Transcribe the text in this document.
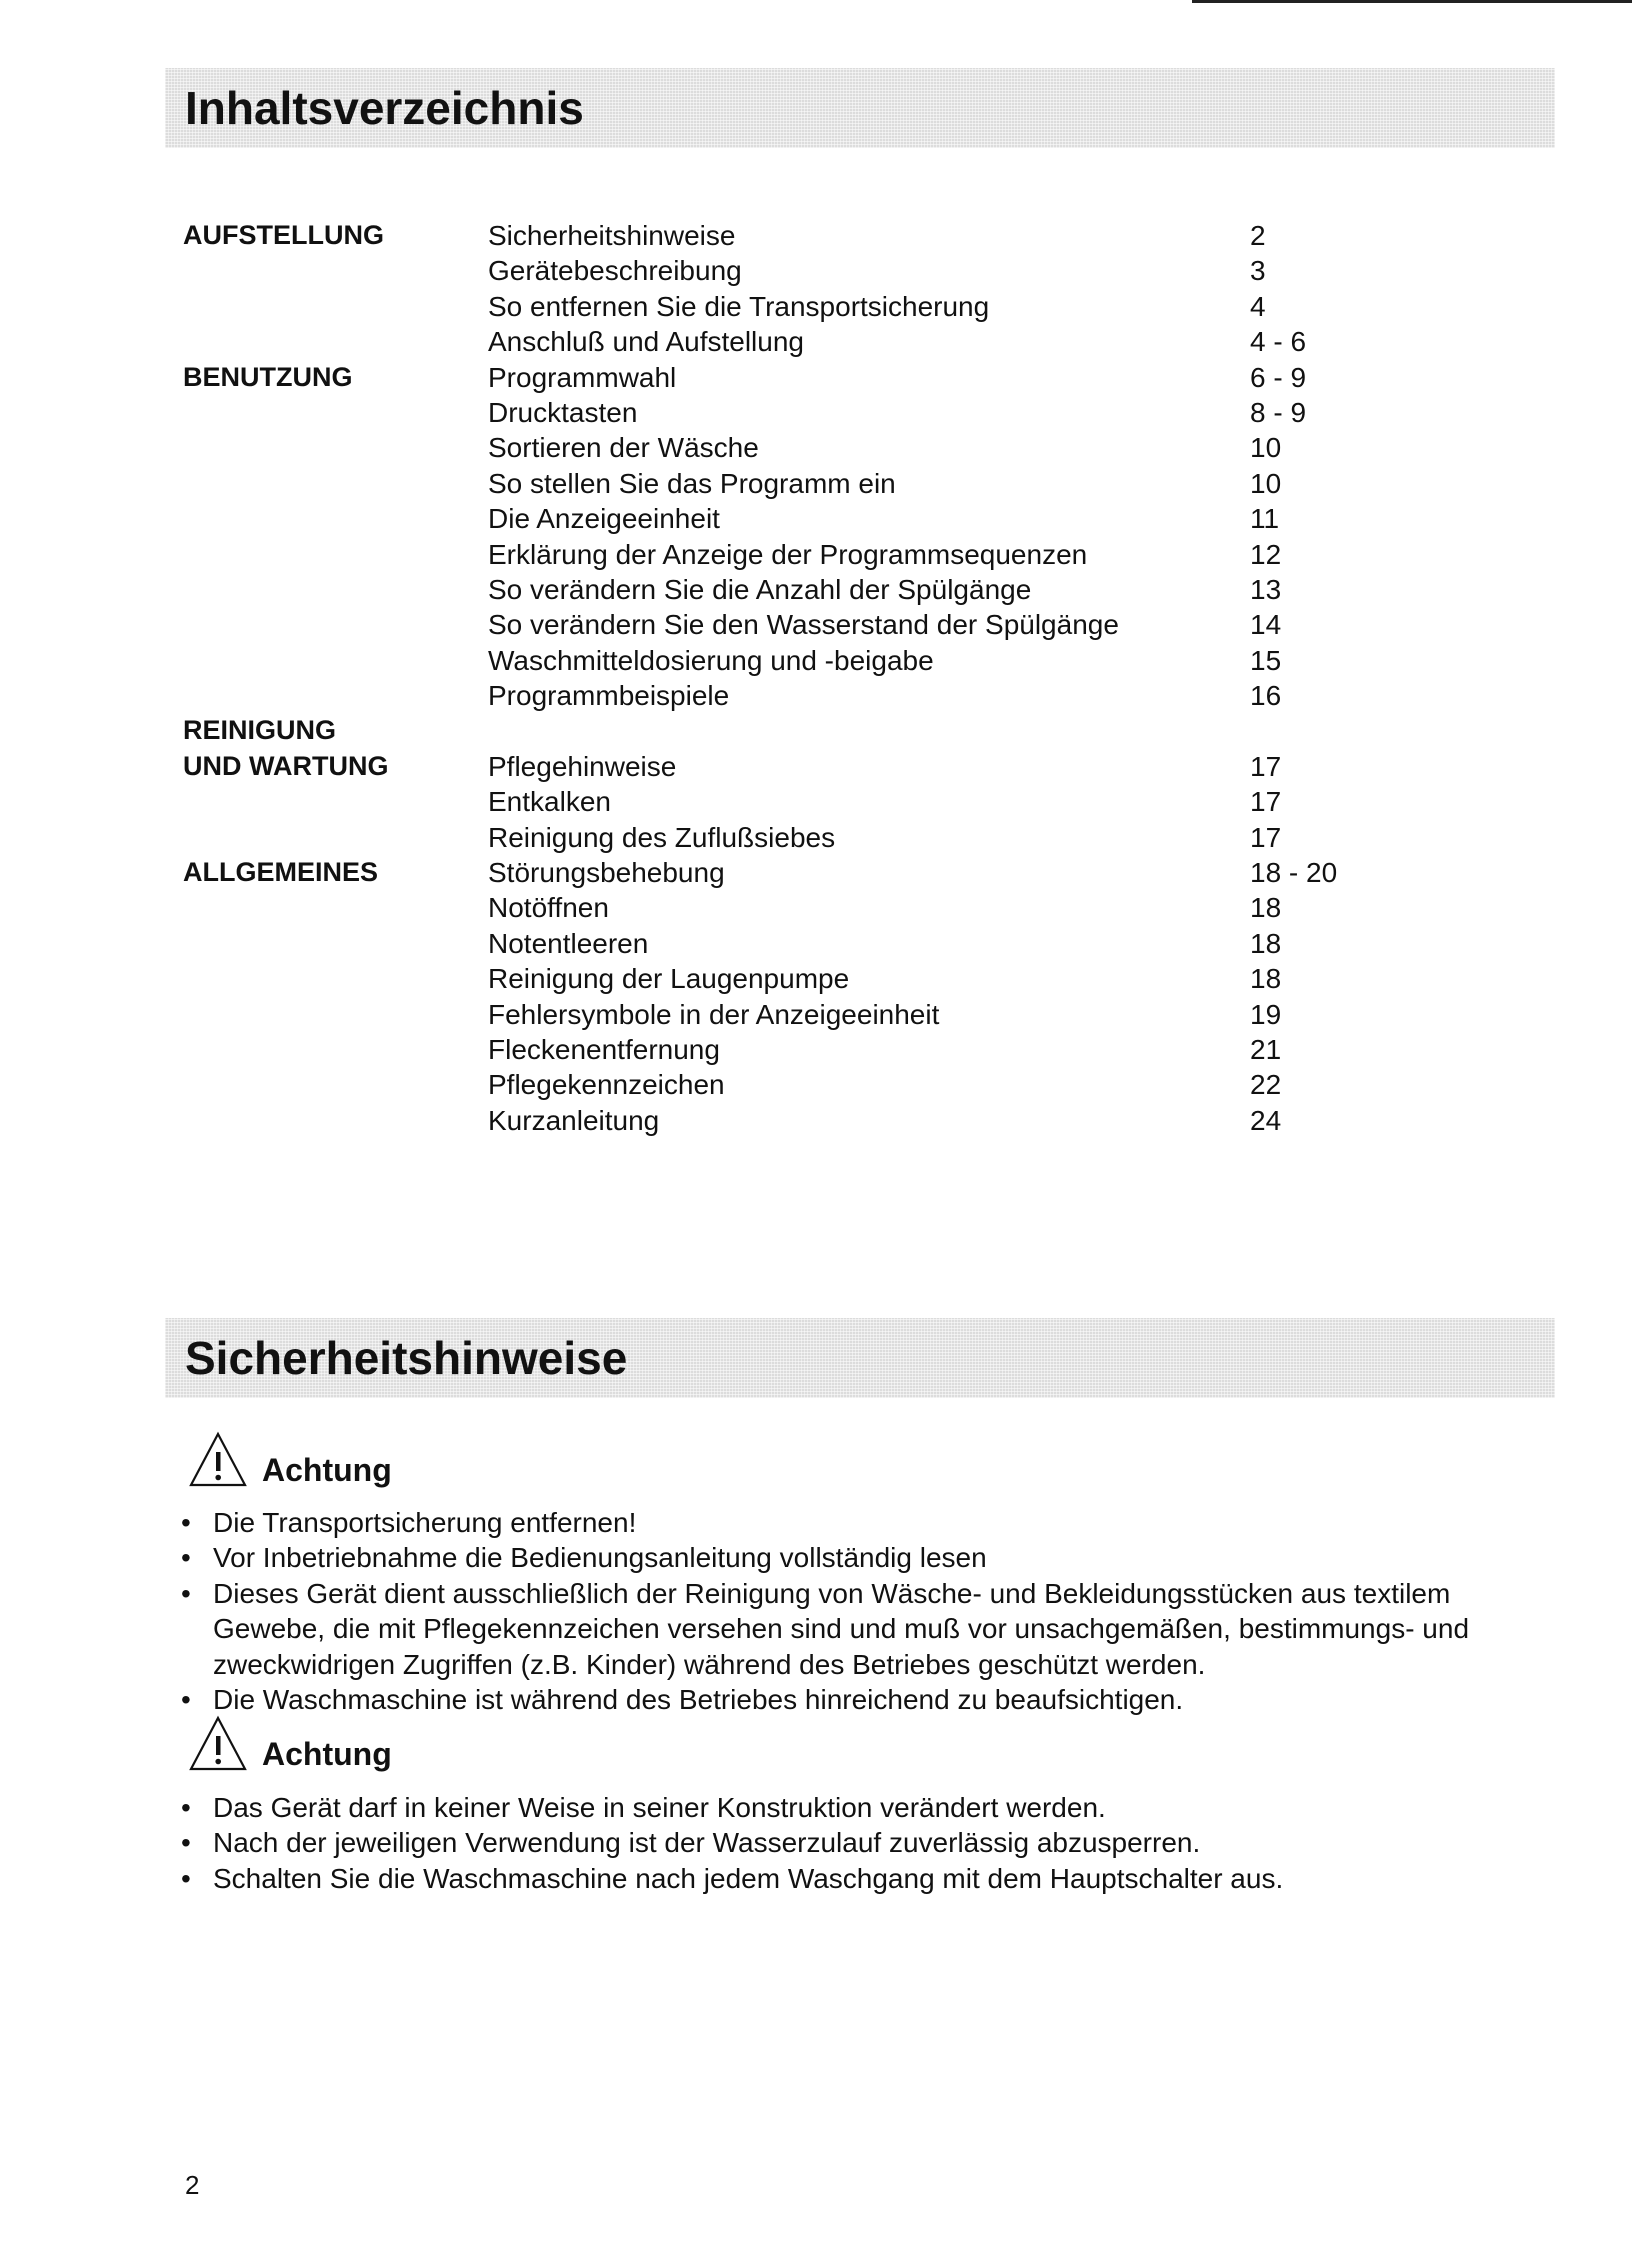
Inhaltsverzeichnis
AUFSTELLUNG	Sicherheitshinweise	2
Gerätebeschreibung	3
So entfernen Sie die Transportsicherung	4
Anschluß und Aufstellung	4 - 6
BENUTZUNG	Programmwahl	6 - 9
Drucktasten	8 - 9
Sortieren der Wäsche	10
So stellen Sie das Programm ein	10
Die Anzeigeeinheit	11
Erklärung der Anzeige der Programmsequenzen	12
So verändern Sie die Anzahl der Spülgänge	13
So verändern Sie den Wasserstand der Spülgänge	14
Waschmitteldosierung und -beigabe	15
Programmbeispiele	16
REINIGUNG
UND WARTUNG	Pflegehinweise	17
Entkalken	17
Reinigung des Zuflußsiebes	17
ALLGEMEINES	Störungsbehebung	18 - 20
Notöffnen	18
Notentleeren	18
Reinigung der Laugenpumpe	18
Fehlersymbole in der Anzeigeeinheit	19
Fleckenentfernung	21
Pflegekennzeichen	22
Kurzanleitung	24
Sicherheitshinweise
Achtung
• Die Transportsicherung entfernen!
• Vor Inbetriebnahme die Bedienungsanleitung vollständig lesen
• Dieses Gerät dient ausschließlich der Reinigung von Wäsche- und Bekleidungsstücken aus textilem Gewebe, die mit Pflegekennzeichen versehen sind und muß vor unsachgemäßen, bestimmungs- und zweckwidrigen Zugriffen (z.B. Kinder) während des Betriebes geschützt werden.
• Die Waschmaschine ist während des Betriebes hinreichend zu beaufsichtigen.
Achtung
• Das Gerät darf in keiner Weise in seiner Konstruktion verändert werden.
• Nach der jeweiligen Verwendung ist der Wasserzulauf zuverlässig abzusperren.
• Schalten Sie die Waschmaschine nach jedem Waschgang mit dem Hauptschalter aus.
2
